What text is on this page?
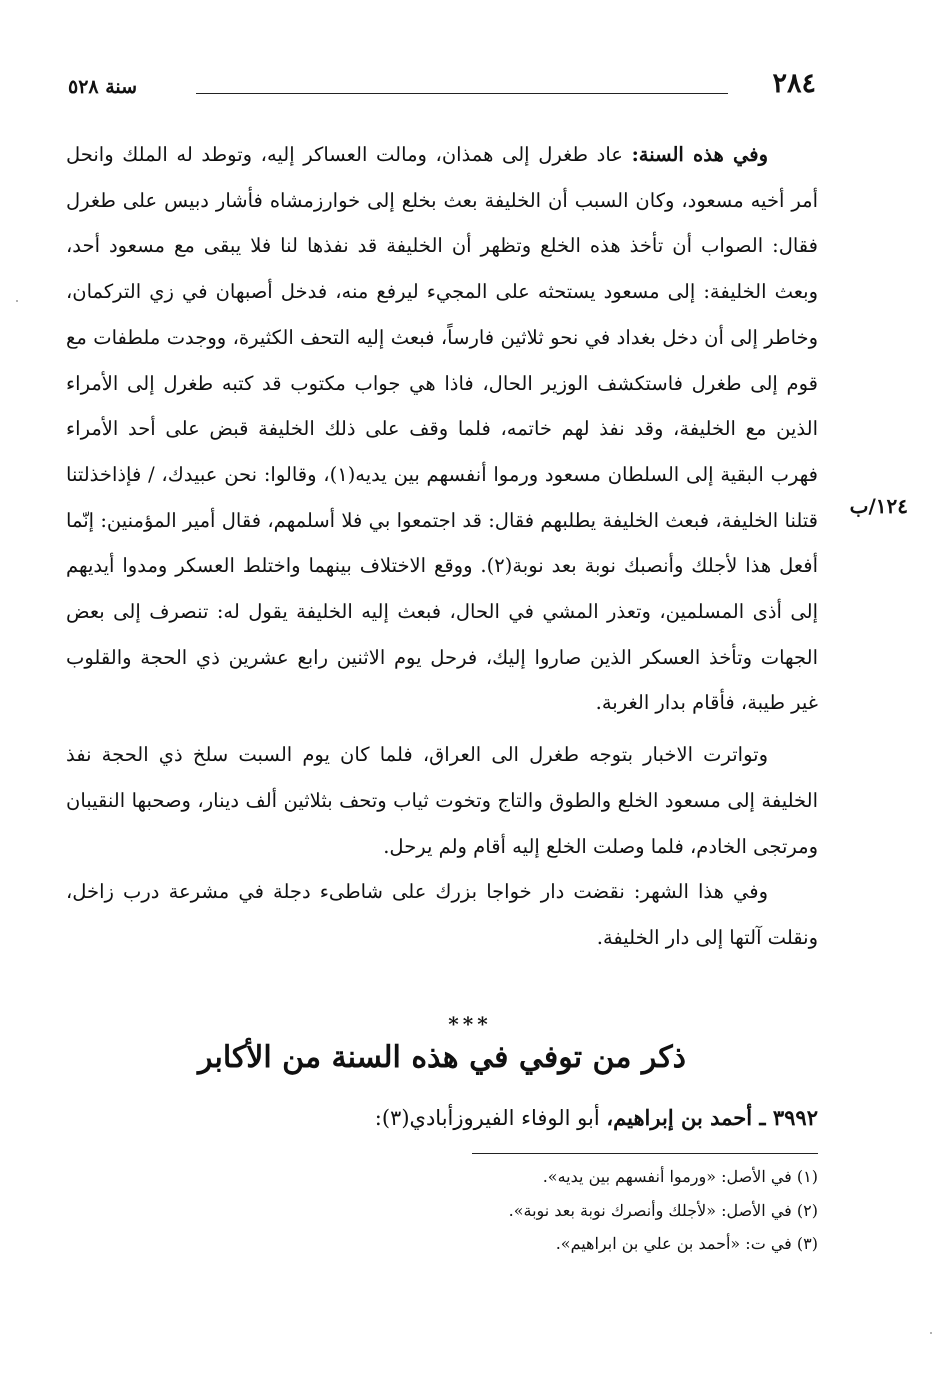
٢٨٤
سنة ٥٢٨

وفي هذه السنة: عاد طغرل إلى همذان، ومالت العساكر إليه، وتوطد له الملك وانحل أمر أخيه مسعود، وكان السبب أن الخليفة بعث بخلع إلى خوارزمشاه فأشار دبيس على طغرل فقال: الصواب أن تأخذ هذه الخلع وتظهر أن الخليفة قد نفذها لنا فلا يبقى مع مسعود أحد، وبعث الخليفة: إلى مسعود يستحثه على المجيء ليرفع منه، فدخل أصبهان في زي التركمان، وخاطر إلى أن دخل بغداد في نحو ثلاثين فارساً، فبعث إليه التحف الكثيرة، ووجدت ملطفات مع قوم إلى طغرل فاستكشف الوزير الحال، فاذا هي جواب مكتوب قد كتبه طغرل إلى الأمراء الذين مع الخليفة، وقد نفذ لهم خاتمه، فلما وقف على ذلك الخليفة قبض على أحد الأمراء فهرب البقية إلى السلطان مسعود ورموا أنفسهم بين يديه(١)، وقالوا: نحن عبيدك، / فإذاخذلتنا قتلنا الخليفة، فبعث الخليفة يطلبهم فقال: قد اجتمعوا بي فلا أسلمهم، فقال أمير المؤمنين: إنّما أفعل هذا لأجلك وأنصبك نوبة بعد نوبة(٢). ووقع الاختلاف بينهما واختلط العسكر ومدوا أيديهم إلى أذى المسلمين، وتعذر المشي في الحال، فبعث إليه الخليفة يقول له: تنصرف إلى بعض الجهات وتأخذ العسكر الذين صاروا إليك، فرحل يوم الاثنين رابع عشرين ذي الحجة والقلوب غير طيبة، فأقام بدار الغربة.

وتواترت الاخبار بتوجه طغرل الى العراق، فلما كان يوم السبت سلخ ذي الحجة نفذ الخليفة إلى مسعود الخلع والطوق والتاج وتخوت ثياب وتحف بثلاثين ألف دينار، وصحبها النقيبان ومرتجى الخادم، فلما وصلت الخلع إليه أقام ولم يرحل.

وفي هذا الشهر: نقضت دار خواجا بزرك على شاطىء دجلة في مشرعة درب زاخل، ونقلت آلتها إلى دار الخليفة.

١٢٤/ب
***
ذكر من توفي في هذه السنة من الأكابر
٣٩٩٢ ـ أحمد بن إبراهيم، أبو الوفاء الفيروزأبادي(٣):
(١) في الأصل: «ورموا أنفسهم بين يديه».
(٢) في الأصل: «لأجلك وأنصرك نوبة بعد نوبة».
(٣) في ت: «أحمد بن علي بن ابراهيم».
